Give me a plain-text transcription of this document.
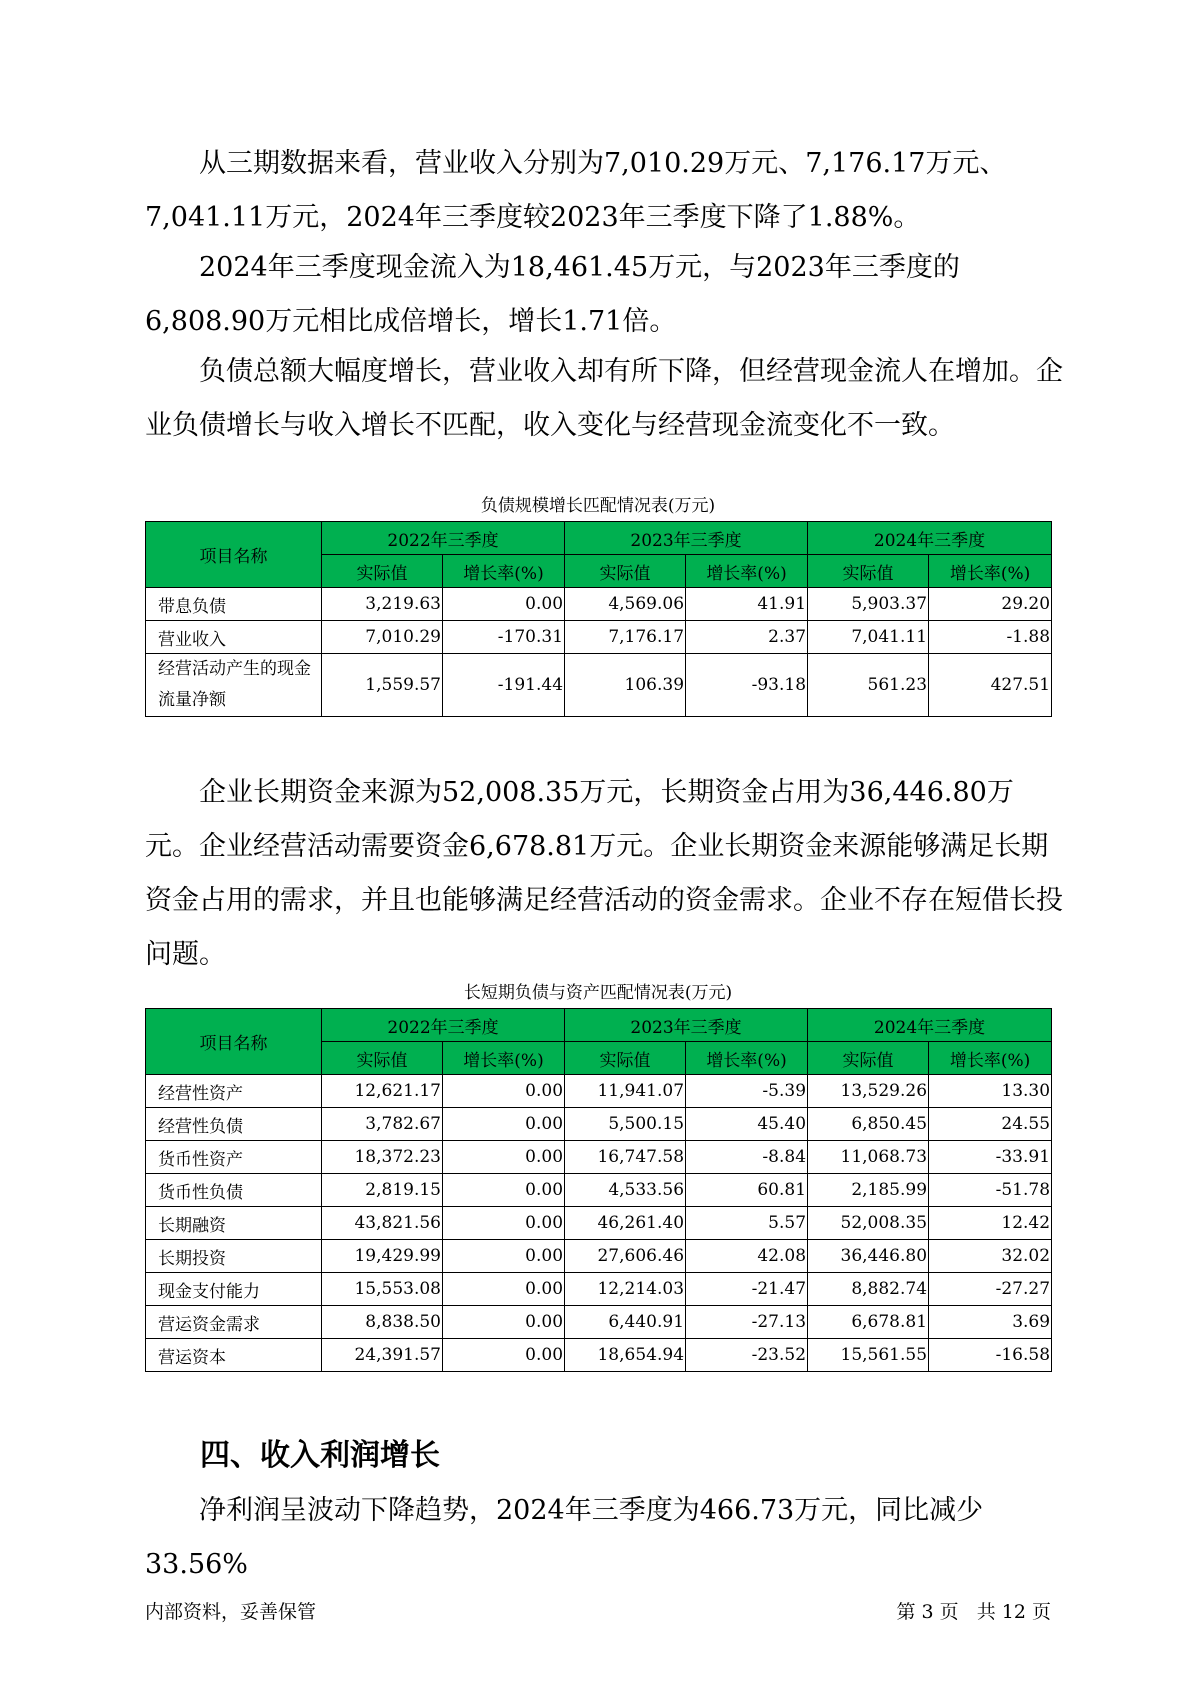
从三期数据来看，营业收入分别为7,010.29万元、7,176.17万元、7,041.11万元，2024年三季度较2023年三季度下降了1.88%。

2024年三季度现金流入为18,461.45万元，与2023年三季度的6,808.90万元相比成倍增长，增长1.71倍。

负债总额大幅度增长，营业收入却有所下降，但经营现金流人在增加。企业负债增长与收入增长不匹配，收入变化与经营现金流变化不一致。

负债规模增长匹配情况表(万元)
项目名称	2022年三季度		2023年三季度		2024年三季度	
	实际值	增长率(%)	实际值	增长率(%)	实际值	增长率(%)
带息负债	3,219.63	0.00	4,569.06	41.91	5,903.37	29.20
营业收入	7,010.29	-170.31	7,176.17	2.37	7,041.11	-1.88
经营活动产生的现金流量净额	1,559.57	-191.44	106.39	-93.18	561.23	427.51

企业长期资金来源为52,008.35万元，长期资金占用为36,446.80万元。企业经营活动需要资金6,678.81万元。企业长期资金来源能够满足长期资金占用的需求，并且也能够满足经营活动的资金需求。企业不存在短借长投问题。

长短期负债与资产匹配情况表(万元)
项目名称	2022年三季度		2023年三季度		2024年三季度	
	实际值	增长率(%)	实际值	增长率(%)	实际值	增长率(%)
经营性资产	12,621.17	0.00	11,941.07	-5.39	13,529.26	13.30
经营性负债	3,782.67	0.00	5,500.15	45.40	6,850.45	24.55
货币性资产	18,372.23	0.00	16,747.58	-8.84	11,068.73	-33.91
货币性负债	2,819.15	0.00	4,533.56	60.81	2,185.99	-51.78
长期融资	43,821.56	0.00	46,261.40	5.57	52,008.35	12.42
长期投资	19,429.99	0.00	27,606.46	42.08	36,446.80	32.02
现金支付能力	15,553.08	0.00	12,214.03	-21.47	8,882.74	-27.27
营运资金需求	8,838.50	0.00	6,440.91	-27.13	6,678.81	3.69
营运资本	24,391.57	0.00	18,654.94	-23.52	15,561.55	-16.58
四、收入利润增长

净利润呈波动下降趋势，2024年三季度为466.73万元，同比减少33.56%

内部资料，妥善保管	第 3 页   共 12 页
